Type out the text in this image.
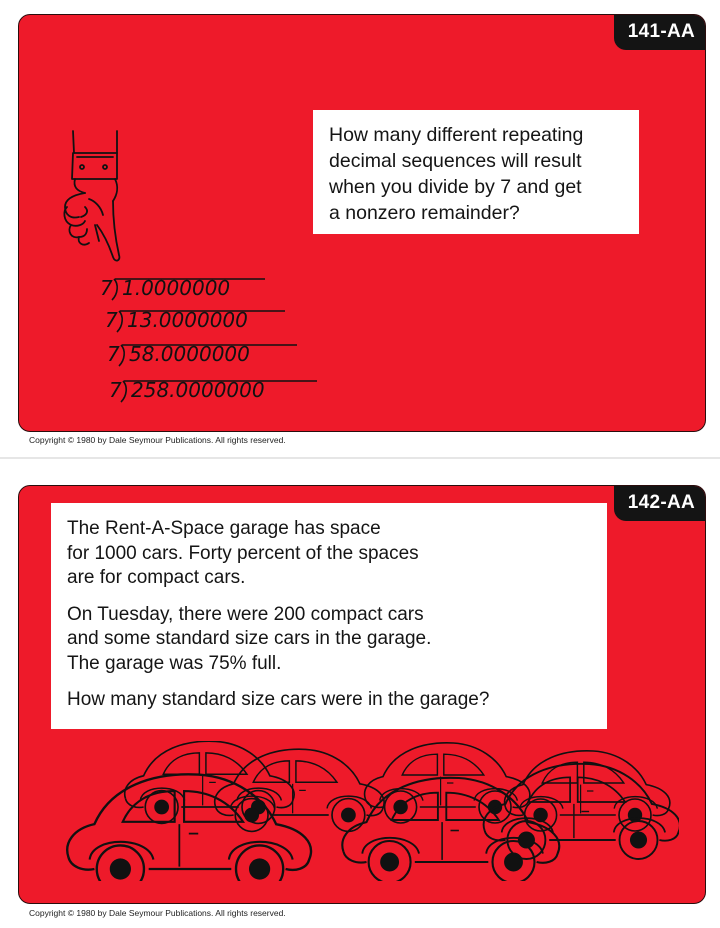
141-AA
7 1.0000000
7 13.0000000
7 58.0000000
7 258.0000000
How many different repeating
decimal sequences will result
when you divide by 7 and get
a nonzero remainder?
Copyright © 1980 by Dale Seymour Publications. All rights reserved.
142-AA
The Rent-A-Space garage has space
for 1000 cars. Forty percent of the spaces
are for compact cars.
On Tuesday, there were 200 compact cars
and some standard size cars in the garage.
The garage was 75% full.
How many standard size cars were in the garage?
Copyright © 1980 by Dale Seymour Publications. All rights reserved.
